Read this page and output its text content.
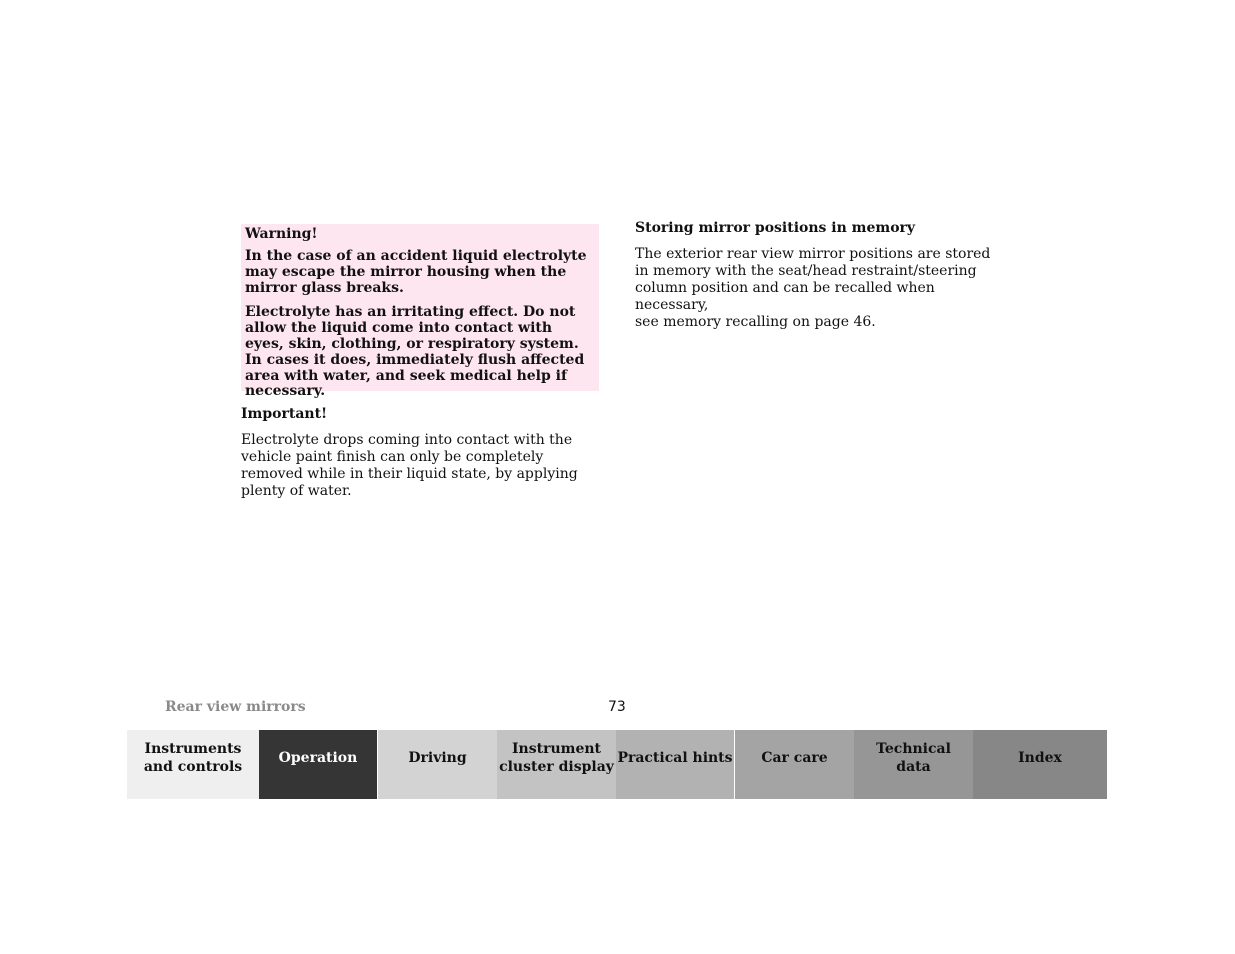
Warning!

In the case of an accident liquid electrolyte may escape the mirror housing when the mirror glass breaks.

Electrolyte has an irritating effect. Do not allow the liquid come into contact with eyes, skin, clothing, or respiratory system. In cases it does, immediately flush affected area with water, and seek medical help if necessary.

Important!

Electrolyte drops coming into contact with the vehicle paint finish can only be completely removed while in their liquid state, by applying plenty of water.

Storing mirror positions in memory

The exterior rear view mirror positions are stored in memory with the seat/head restraint/steering column position and can be recalled when necessary,
see memory recalling on page 46.

Rear view mirrors	73
Instruments
and controls
Operation	Driving
Instrument
cluster display
Practical hints	Car care
Technical
data
Index
